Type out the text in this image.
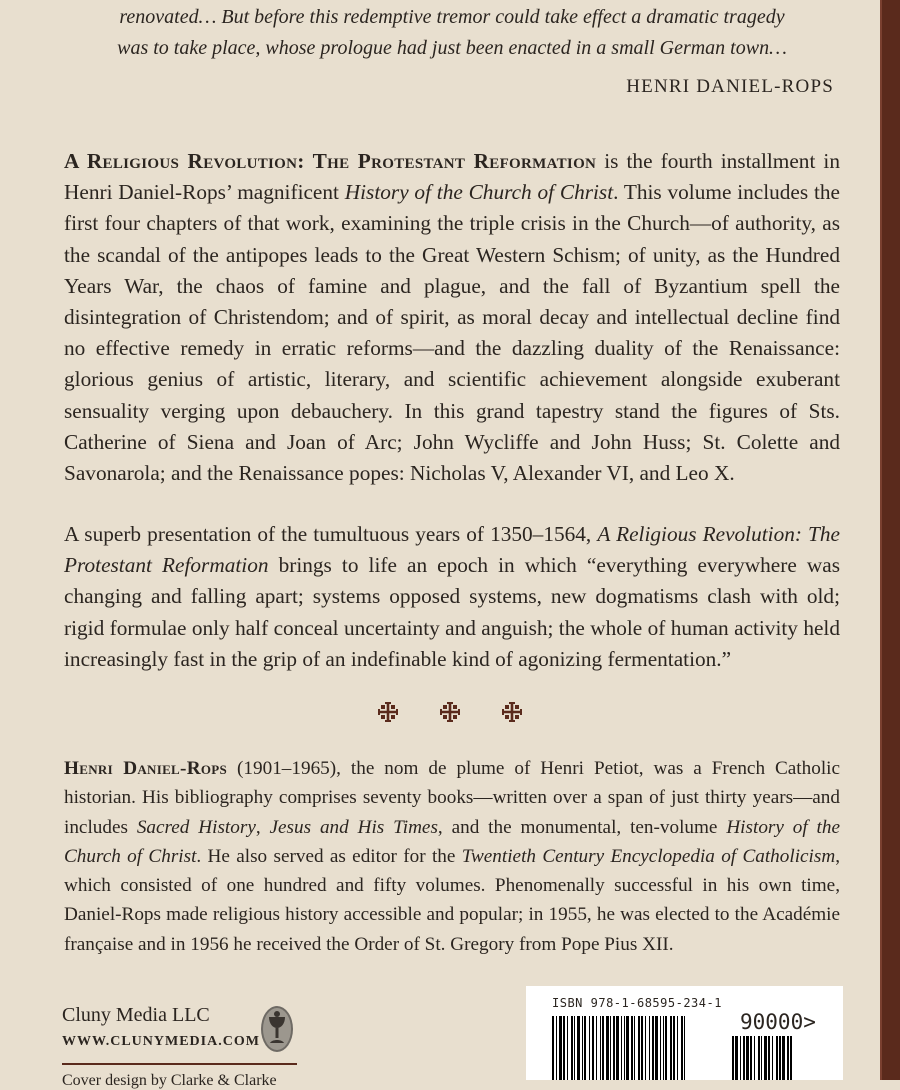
renovated… But before this redemptive tremor could take effect a dramatic tragedy
was to take place, whose prologue had just been enacted in a small German town…

HENRI DANIEL-ROPS

A Religious Revolution: The Protestant Reformation is the fourth installment in Henri Daniel-Rops’ magnificent History of the Church of Christ. This volume includes the first four chapters of that work, examining the triple crisis in the Church—of authority, as the scandal of the antipopes leads to the Great Western Schism; of unity, as the Hundred Years War, the chaos of famine and plague, and the fall of Byzantium spell the disintegration of Christendom; and of spirit, as moral decay and intellectual decline find no effective remedy in erratic reforms—and the dazzling duality of the Renaissance: glorious genius of artistic, literary, and scientific achievement alongside exuberant sensuality verging upon debauchery. In this grand tapestry stand the figures of Sts. Catherine of Siena and Joan of Arc; John Wycliffe and John Huss; St. Colette and Savonarola; and the Renaissance popes: Nicholas V, Alexander VI, and Leo X.

A superb presentation of the tumultuous years of 1350–1564, A Religious Revolution: The Protestant Reformation brings to life an epoch in which “everything everywhere was changing and falling apart; systems opposed systems, new dogmatisms clash with old; rigid formulae only half conceal uncertainty and anguish; the whole of human activity held increasingly fast in the grip of an indefinable kind of agonizing fermentation.”

Henri Daniel-Rops (1901–1965), the nom de plume of Henri Petiot, was a French Catholic historian. His bibliography comprises seventy books—written over a span of just thirty years—and includes Sacred History, Jesus and His Times, and the monumental, ten-volume History of the Church of Christ. He also served as editor for the Twentieth Century Encyclopedia of Catholicism, which consisted of one hundred and fifty volumes. Phenomenally successful in his own time, Daniel-Rops made religious history accessible and popular; in 1955, he was elected to the Académie française and in 1956 he received the Order of St. Gregory from Pope Pius XII.

Cluny Media LLC

WWW.CLUNYMEDIA.COM

Cover design by Clarke & Clarke

ISBN 978-1-68595-234-1

90000>
